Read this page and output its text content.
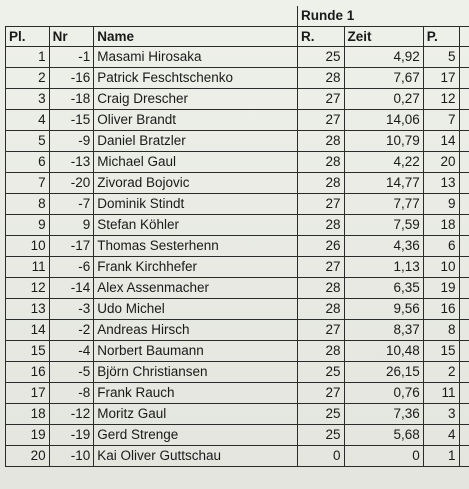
			Runde 1			
Pl.	Nr	Name	R.	Zeit	P.	
1	-1	Masami Hirosaka	25	4,92	5	
2	-16	Patrick Feschtschenko	28	7,67	17	
3	-18	Craig Drescher	27	0,27	12	
4	-15	Oliver Brandt	27	14,06	7	
5	-9	Daniel Bratzler	28	10,79	14	
6	-13	Michael Gaul	28	4,22	20	
7	-20	Zivorad Bojovic	28	14,77	13	
8	-7	Dominik Stindt	27	7,77	9	
9	9	Stefan Köhler	28	7,59	18	
10	-17	Thomas Sesterhenn	26	4,36	6	
11	-6	Frank Kirchhefer	27	1,13	10	
12	-14	Alex Assenmacher	28	6,35	19	
13	-3	Udo Michel	28	9,56	16	
14	-2	Andreas Hirsch	27	8,37	8	
15	-4	Norbert Baumann	28	10,48	15	
16	-5	Björn Christiansen	25	26,15	2	
17	-8	Frank Rauch	27	0,76	11	
18	-12	Moritz Gaul	25	7,36	3	
19	-19	Gerd Strenge	25	5,68	4	
20	-10	Kai Oliver Guttschau	0	0	1	
